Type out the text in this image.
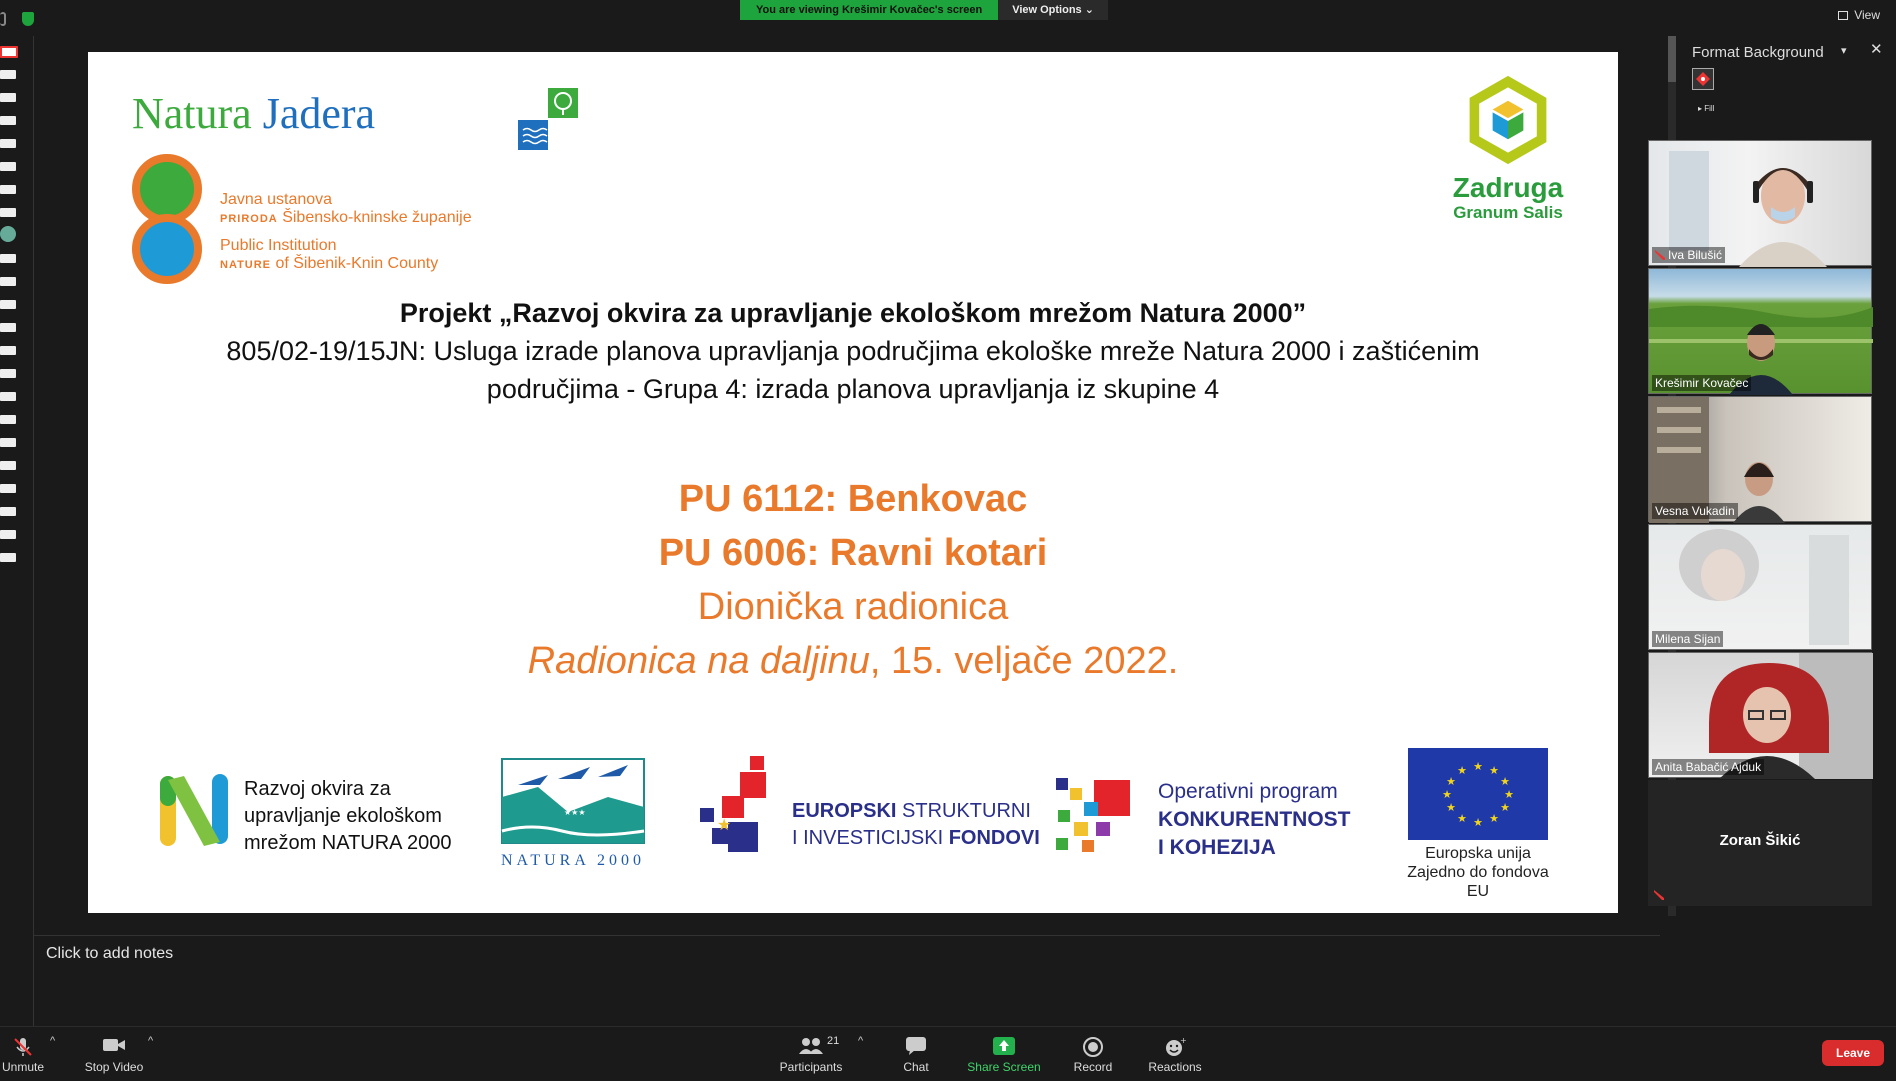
You are viewing Krešimir Kovačec's screen	View Options ⌄	View
Natura Jadera
Javna ustanova
PRIRODA Šibensko-kninske županije
Public Institution
NATURE of Šibenik-Knin County
Zadruga
Granum Salis
Projekt „Razvoj okvira za upravljanje ekološkom mrežom Natura 2000”
805/02-19/15JN: Usluga izrade planova upravljanja područjima ekološke mreže Natura 2000 i zaštićenim
područjima - Grupa 4: izrada planova upravljanja iz skupine 4
PU 6112: Benkovac
PU 6006: Ravni kotari
Dionička radionica
Radionica na daljinu, 15. veljače 2022.
Razvoj okvira za
upravljanje ekološkom
mrežom NATURA 2000
★★★
NATURA 2000
★
EUROPSKI STRUKTURNI
I INVESTICIJSKI FONDOVI
Operativni program
KONKURENTNOST
I KOHEZIJA
★ ★
★
★
★
★
★
★
★
★
★
★
Europska unija
Zajedno do fondova EU
Click to add notes
Format Background ▾ ✕
▸ Fill
Iva Bilušić
Krešimir Kovačec
Vesna Vukadin
Milena Sijan
Anita Babačić Ajduk
Zoran Šikić
Unmute
^
Stop Video
^	21
Participants
^
Chat	Share Screen	Record
+
Reactions
Leave
